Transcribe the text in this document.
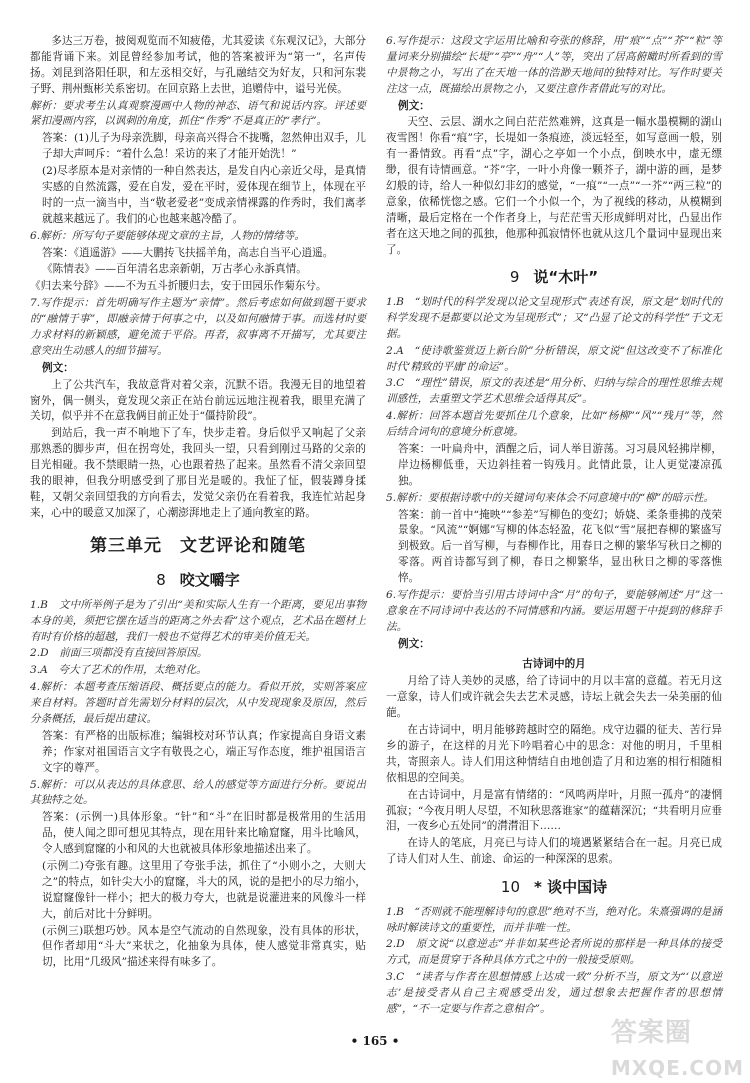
多达三万卷，披阅观览而不知疲倦，尤其爱读《东观汉记》，大部分都能背诵下来。刘昆曾经参加考试，他的答案被评为“第一”，名声传扬。刘昆到洛阳任职，和左丞相交好，与孔融结交为好友，只和河东裴子野、荆州甄彬关系密切。在回京路上去世，追赠侍中，谥号光侯。

解析：要求考生认真观察漫画中人物的神态、语气和说话内容。评述要紧扣漫画内容，以讽刺的角度，抓住“作秀”不是真正的“孝行”。

答案：(1)儿子为母亲洗脚，母亲高兴得合不拢嘴，忽然伸出双手，儿子却大声呵斥：“着什么急！采访的来了才能开始洗！”

(2)尽孝原本是对亲情的一种自然表达，是发自内心亲近父母，是真情实感的自然流露，爱在自发，爱在平时，爱体现在细节上，体现在平时的一点一滴当中，当“敬老爱老”变成亲情裸露的作秀时，我们离孝就越来越远了。我们的心也越来越冷酷了。

6.解析：所写句子要能够体现文章的主旨，人物的情绪等。

答案：《逍遥游》——大鹏抟飞扶摇羊角，高志自当平心逍遥。

《陈情表》——百年清名忠亲新朝，万古孝心永訴真情。

《归去来兮辞》——不为五斗折腰归去，安于田园乐作菊东兮。

7.写作提示：首先明确写作主题为“亲情”。然后考虑如何做到题干要求的“融情于事”，即融亲情于何事之中，以及如何融情于事。而选材时要力求材料的新颖感，避免流于平俗。再者，叙事离不开描写，尤其要注意突出生动感人的细节描写。

例文：

上了公共汽车，我故意背对着父亲，沉默不语。我漫无目的地望着窗外，偶一侧头，竟发现父亲正在站台前远远地注视着我，眼里充满了关切，似乎并不在意我俩目前正处于“僵持阶段”。

到站后，我一声不响地下了车，快步走着。身后似乎又响起了父亲那熟悉的脚步声，但在拐弯处，我回头一望，只看到刚过马路的父亲的目光相碰。我不禁眼睛一热，心也跟着热了起来。虽然看不清父亲回望我的眼神，但我分明感受到了那目光是暖的。我怔了怔，假装蹲身揉鞋，又朝父亲回望我的方向看去，发觉父亲仍在看着我，我连忙站起身来，心中的暖意又加深了，心潮澎湃地走上了通向教室的路。

第三单元　文艺评论和随笔
8 咬文嚼字

1.B　文中所举例子是为了引出“美和实际人生有一个距离，要见出事物本身的美，须把它摆在适当的距离之外去看”这个观点，艺术品在题材上有时有价格的超越，我们一般也不觉得艺术的审美价值无关。

2.D　前面三项都没有直接回答原因。

3.A　夸大了艺术的作用，太绝对化。

4.解析：本题考查压缩语段、概括要点的能力。看似开放，实则答案应来自材料。答题时首先需划分材料的层次，从中发现现象及原因，然后分条概括，最后提出建议。

答案：有严格的出版标准；编辑校对环节认真；作家提高自身语文素养；作家对祖国语言文字有敬畏之心，端正写作态度，维护祖国语言文字的尊严。

5.解析：可以从表达的具体意思、给人的感觉等方面进行分析。要说出其独特之处。

答案：(示例一)具体形象。“针”和“斗”在旧时都是极常用的生活用品，使人闻之即可想见其特点，现在用针来比喻窟窿，用斗比喻风，令人感到窟窿的小和风的大也就被具体形象地描述出来了。

(示例二)夸张有趣。这里用了夸张手法，抓住了“小则小之，大则大之”的特点，如针尖大小的窟窿，斗大的风，说的是把小的尽力缩小，说窟窿像针一样小；把大的极力夸大，也就是说灌进来的风像斗一样大，前后对比十分鲜明。

(示例三)联想巧妙。风本是空气流动的自然现象，没有具体的形状，但作者却用“斗大”来状之，化抽象为具体，使人感觉非常真实，贴切，比用“几级风”描述来得有味多了。

6.写作提示：这段文字运用比喻和夸张的修辞，用“痕”“点”“芥”“粒”等量词来分别描绘“长堤”“亭”“舟”“人”等，突出了居高俯瞰时所看到的雪中景物之小，写出了在天地一体的浩渺天地间的独特对比。写作时要关注这一点，既描绘出景物之小，又要注意作者借此写的对比。

例文：

天空、云层、湖水之间白茫茫然难辨，这真是一幅水墨模糊的湖山夜雪图！你看“痕”字，长堤如一条痕迹，淡远轻至，如写意画一般，别有一番情致。再看“点”字，湖心之亭如一个小点，倒映水中，虚无缥缈，很有诗情画意。“芥”字，一叶小舟像一颗芥子，湖中游的画，是梦幻般的诗，给人一种似幻非幻的感觉，“一痕”“一点”“一芥”“两三粒”的意象，依稀恍惚之感。它们一个小似一个，为了视线的移动，从模糊到清晰，最后定格在一个作者身上，与茫茫雪天形成鲜明对比，凸显出作者在这天地之间的孤独，他那种孤寂情怀也就从这几个量词中显现出来了。

9 说“木叶”

1.B　“划时代的科学发现以论文呈现形式”表述有误，原文是“划时代的科学发现不是都要以论文为呈现形式”；又“凸显了论文的科学性”于文无据。

2.A　“使诗歌鉴赏迈上新台阶”分析错误，原文说“但这改变不了标准化时代‘精致的平庸’的命运”。

3.C　“理性”错误，原文的表述是“用分析、归纳与综合的理性思维去规训感性，去重塑文学艺术思维会适得其反”。

4.解析：回答本题首先要抓住几个意象，比如“杨柳”“风”“残月”等，然后结合词句的意境分析意境。

答案：一叶扁舟中，酒醒之后，词人举目游荡。习习晨风轻拂岸柳，岸边杨柳低垂，天边斜挂着一钩残月。此情此景，让人更觉凄凉孤独。

5.解析：要根据诗歌中的关键词句来体会不同意境中的“柳”的暗示性。

答案：前一首中“掩映”“参差”写柳色的变幻；娇娆、柔条垂拂的茂荣景象。“风流”“婀娜”写柳的体态轻盈，花飞似“雪”展把春柳的繁盛写到极致。后一首写柳，与春柳作比，用春日之柳的繁华写秋日之柳的零落。两首诗都写到了柳，春日之柳繁华，显出秋日之柳的零落憔悴。

6.写作提示：要恰当引用古诗词中含“月”的句子，要能够阐述“月”这一意象在不同诗词中表达的不同情感和内涵。要运用题干中提到的修辞手法。

例文：

古诗词中的月

月给了诗人美妙的灵感，给了诗词中的月以丰富的意蕴。若无月这一意象，诗人们或许就会失去艺术灵感，诗坛上就会失去一朵美丽的仙葩。

在古诗词中，明月能够跨越时空的隔绝。戍守边疆的征夫、苦行异乡的游子，在这样的月光下吟唱着心中的思念：对他的明月，千里相共，寄照亲人。诗人们用这种情结自由地创造了月和边塞的相行相随相依相思的空间美。

在古诗词中，月是富有情绪的：“风鸣两岸叶，月照一孤舟”的凄惘孤寂；“今夜月明人尽望，不知秋思落谁家”的蕴藉深沉；“共看明月应垂泪，一夜乡心五处同”的潸潸泪下……

在诗人的笔底，月亮已与诗人们的境遇紧紧结合在一起。月亮已成了诗人们对人生、前途、命运的一种深深的思索。

10 * 谈中国诗

1.B　“否则就不能理解诗句的意思”绝对不当，绝对化。朱熹强调的是涵咏时解读诗文的重要性，而并非唯一性。

2.D　原文说“以意逆志”并非如某些论者所说的那样是一种具体的接受方式，而是贯穿于各种具体方式之中的一般接受原则。

3.C　“读者与作者在思想情感上达成一致”分析不当，原文为“‘以意逆志’是接受者从自己主观感受出发，通过想象去把握作者的思想情感”，“不一定要与作者之意相合”。

• 165 •	答案圈
MXQE.COM
